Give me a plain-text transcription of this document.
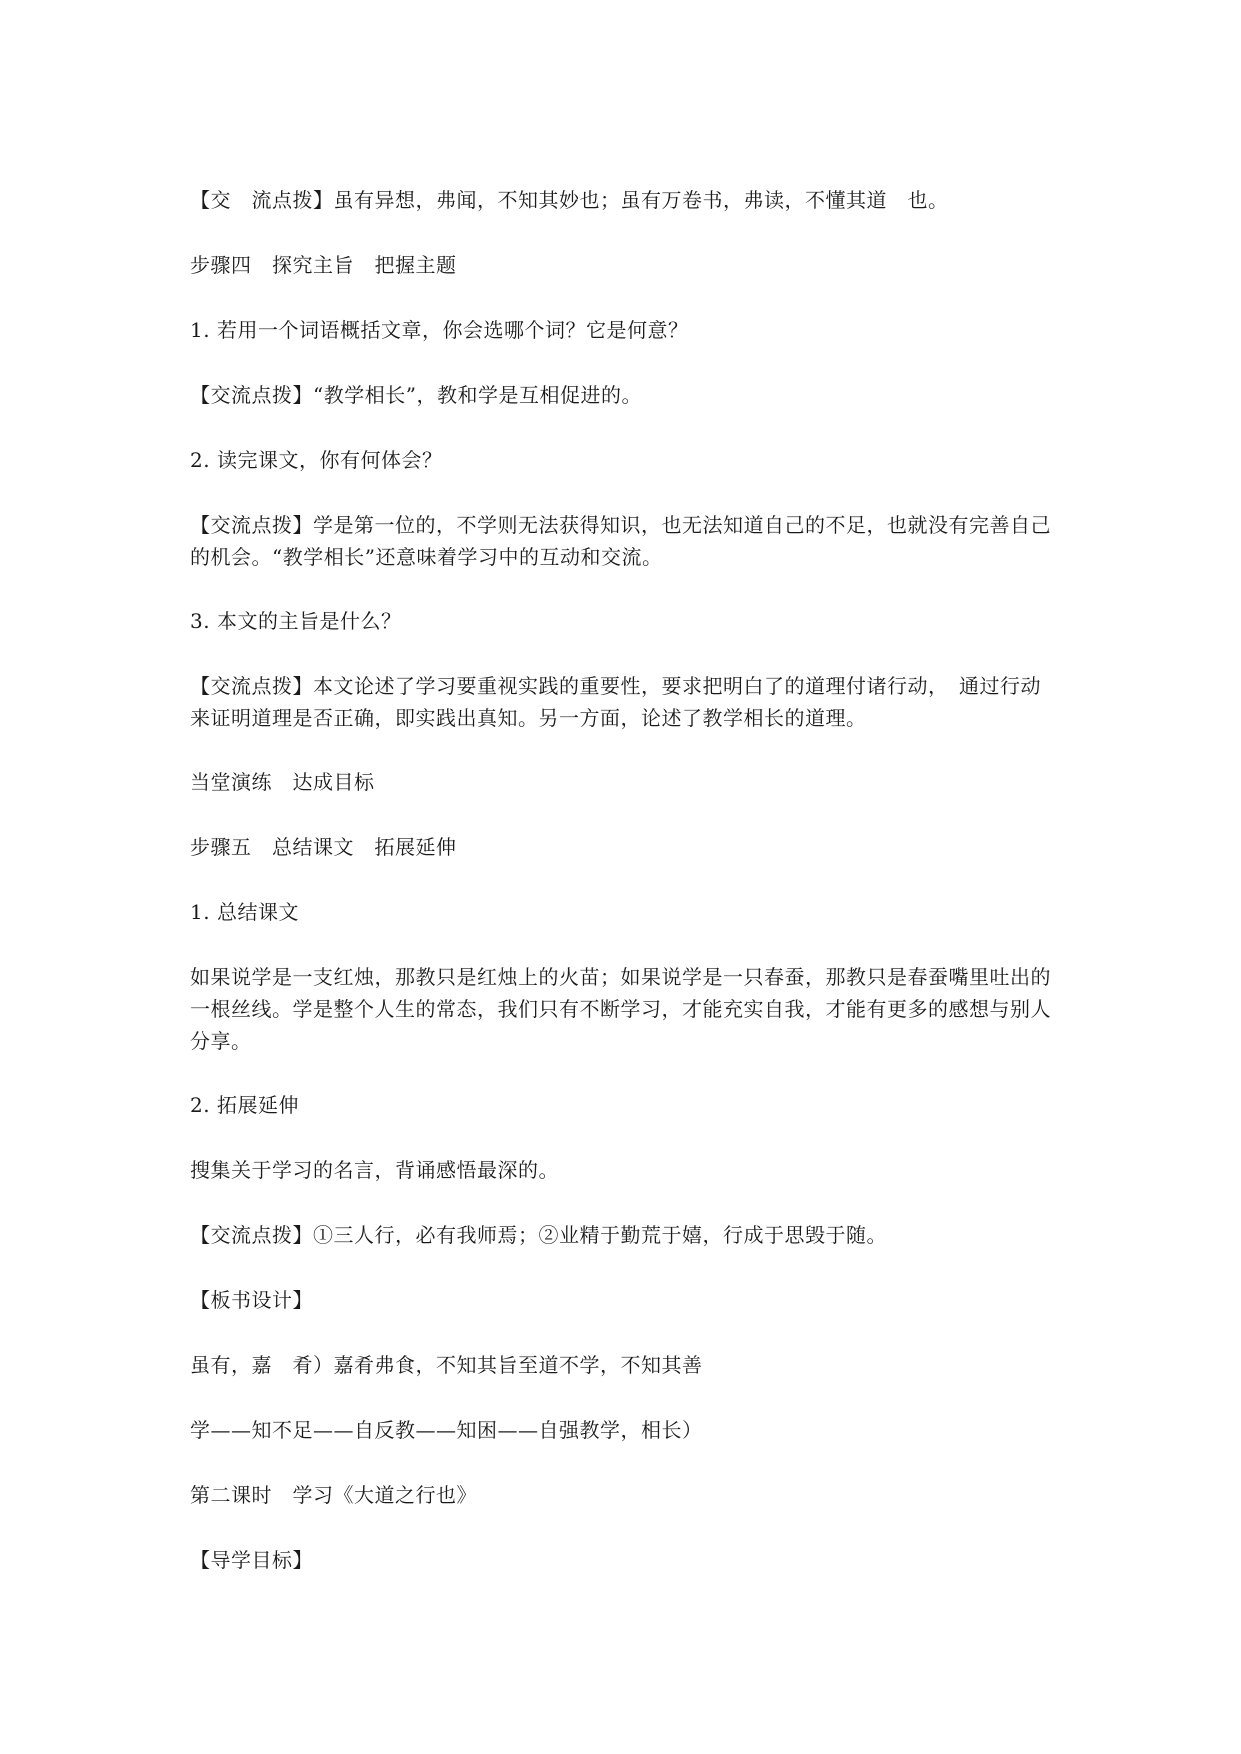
【交　流点拨】虽有异想，弗闻，不知其妙也；虽有万卷书，弗读，不懂其道　也。

步骤四　探究主旨　把握主题

1. 若用一个词语概括文章，你会选哪个词？它是何意？

【交流点拨】“教学相长”，教和学是互相促进的。

2. 读完课文，你有何体会？

【交流点拨】学是第一位的，不学则无法获得知识，也无法知道自己的不足，也就没有完善自己的机会。“教学相长”还意味着学习中的互动和交流。

3. 本文的主旨是什么？

【交流点拨】本文论述了学习要重视实践的重要性，要求把明白了的道理付诸行动，　通过行动来证明道理是否正确，即实践出真知。另一方面，论述了教学相长的道理。

当堂演练　达成目标

步骤五　总结课文　拓展延伸

1. 总结课文

如果说学是一支红烛，那教只是红烛上的火苗；如果说学是一只春蚕，那教只是春蚕嘴里吐出的一根丝线。学是整个人生的常态，我们只有不断学习，才能充实自我，才能有更多的感想与别人分享。

2. 拓展延伸

搜集关于学习的名言，背诵感悟最深的。

【交流点拨】①三人行，必有我师焉；②业精于勤荒于嬉，行成于思毁于随。

【板书设计】

虽有，嘉　肴）嘉肴弗食，不知其旨至道不学，不知其善

学——知不足——自反教——知困——自强教学，相长）

第二课时　学习《大道之行也》

【导学目标】
